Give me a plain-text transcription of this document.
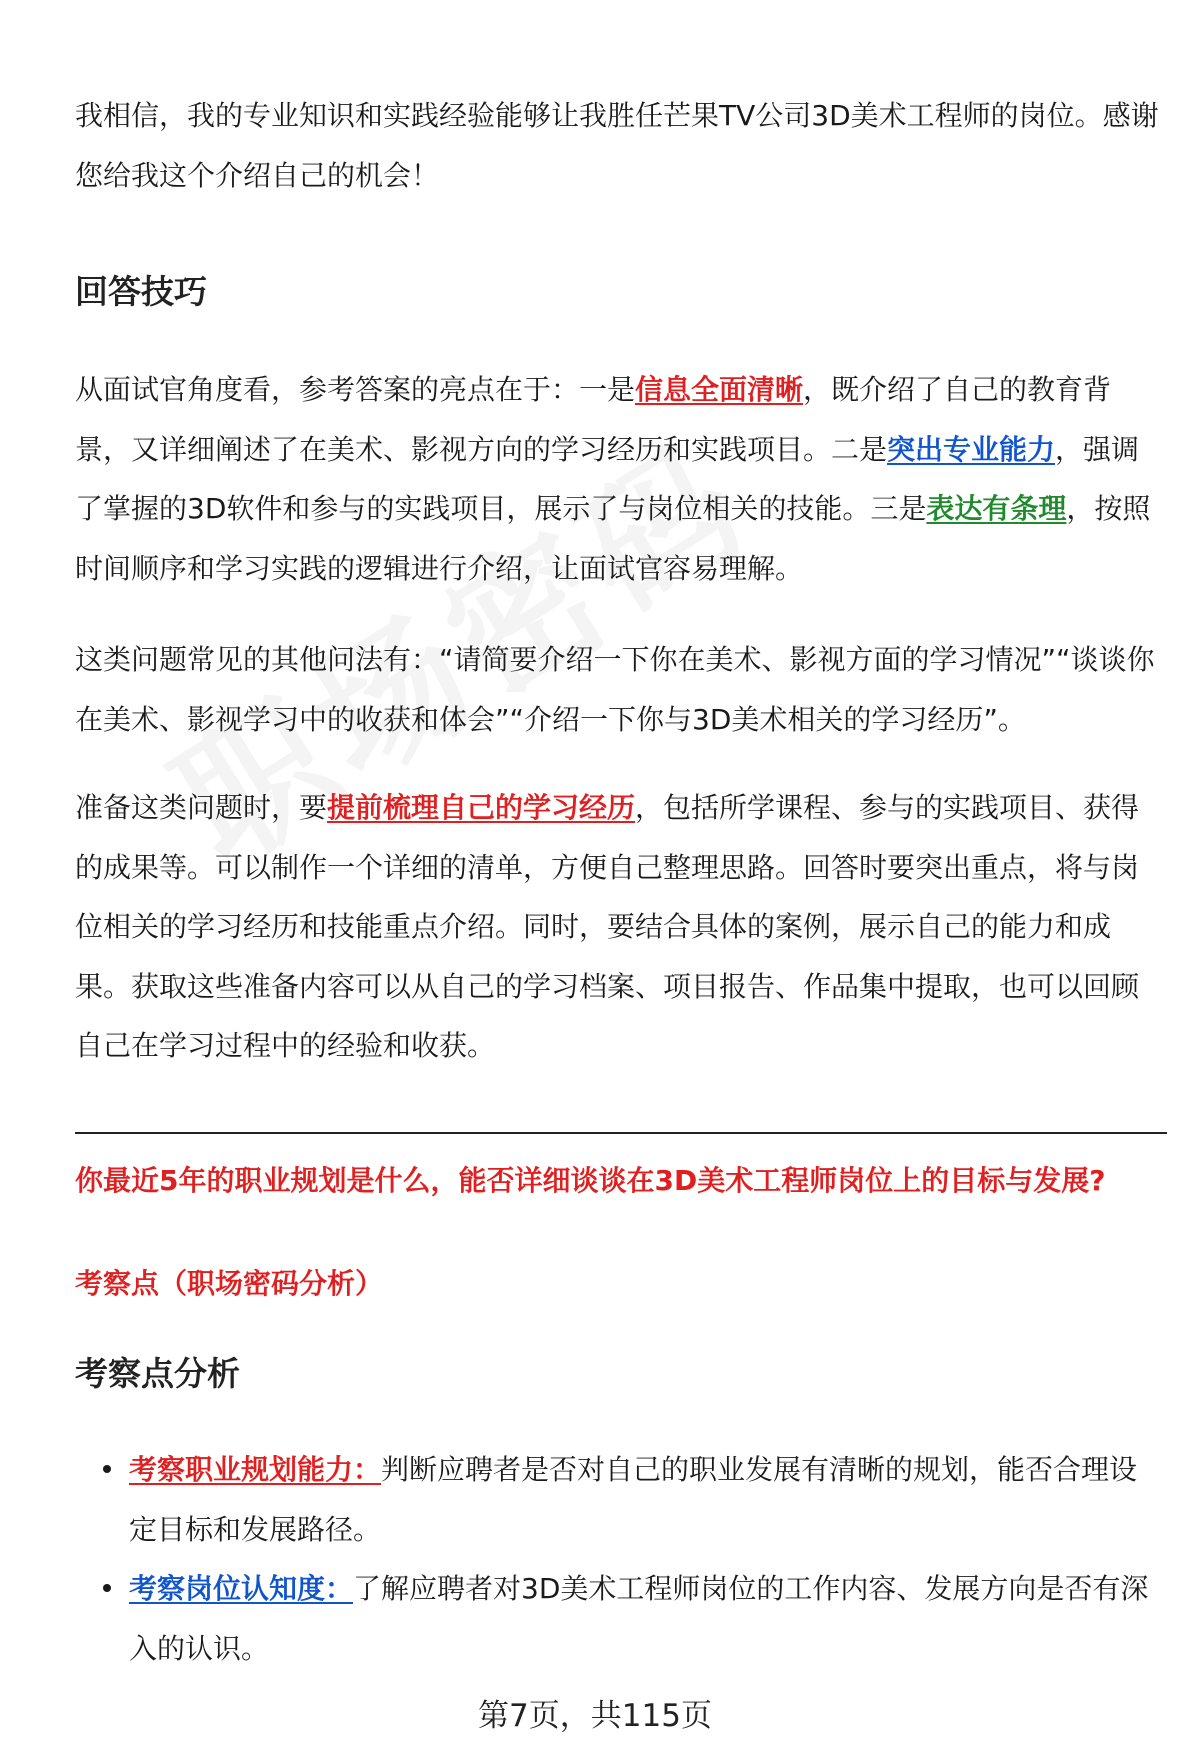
我相信，我的专业知识和实践经验能够让我胜任芒果TV公司3D美术工程师的岗位。感谢您给我这个介绍自己的机会！

回答技巧

从面试官角度看，参考答案的亮点在于：一是信息全面清晰，既介绍了自己的教育背景，又详细阐述了在美术、影视方向的学习经历和实践项目。二是突出专业能力，强调了掌握的3D软件和参与的实践项目，展示了与岗位相关的技能。三是表达有条理，按照时间顺序和学习实践的逻辑进行介绍，让面试官容易理解。

这类问题常见的其他问法有：“请简要介绍一下你在美术、影视方面的学习情况”“谈谈你在美术、影视学习中的收获和体会”“介绍一下你与3D美术相关的学习经历”。

准备这类问题时，要提前梳理自己的学习经历，包括所学课程、参与的实践项目、获得的成果等。可以制作一个详细的清单，方便自己整理思路。回答时要突出重点，将与岗位相关的学习经历和技能重点介绍。同时，要结合具体的案例，展示自己的能力和成果。获取这些准备内容可以从自己的学习档案、项目报告、作品集中提取，也可以回顾自己在学习过程中的经验和收获。

你最近5年的职业规划是什么，能否详细谈谈在3D美术工程师岗位上的目标与发展?

考察点（职场密码分析）

考察点分析
考察职业规划能力：判断应聘者是否对自己的职业发展有清晰的规划，能否合理设定目标和发展路径。
考察岗位认知度：了解应聘者对3D美术工程师岗位的工作内容、发展方向是否有深入的认识。
第7页，共115页
